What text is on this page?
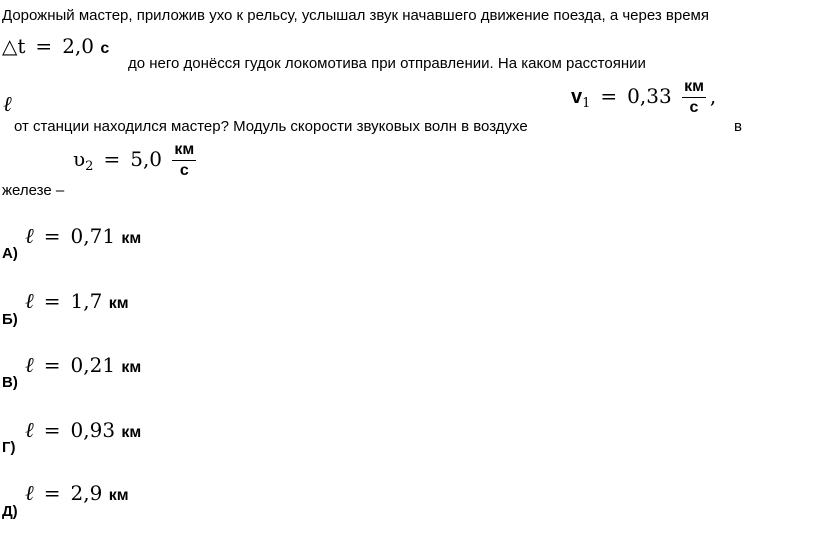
Дорожный мастер, приложив ухо к рельсу, услышал звук начавшего движение поезда, а через время
△t = 2,0 с
до него донёсся гудок локомотива при отправлении. На каком расстоянии
ℓ	$v_1 = 0,33 \frac{км}{с}$ ,
от станции находился мастер? Модуль скорости звуковых волн в воздухе	в
$\upsilon_2 = 5,0 \frac{км}{с}$
железе –
А)
ℓ = 0,71 км
Б)
ℓ = 1,7 км
В)
ℓ = 0,21 км
Г)
ℓ = 0,93 км
Д)
ℓ = 2,9 км
